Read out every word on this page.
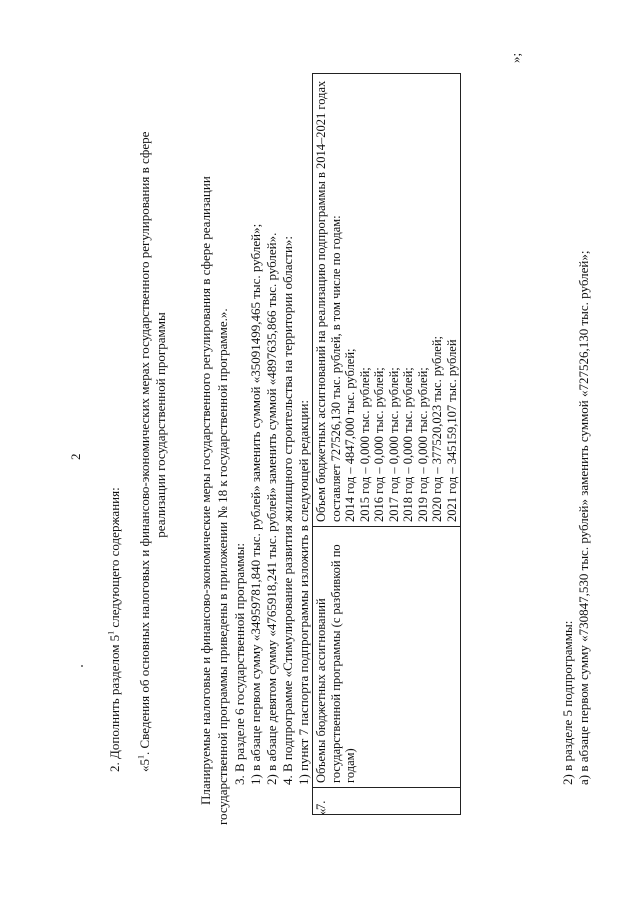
2
2. Дополнить разделом $5^1$ следующего содержания:
«$5^1$. Сведения об основных налоговых и финансово-экономических мерах государственного регулирования в сфере реализации государственной программы Планируемые налоговые и финансово-экономические меры государственного регулирования в сфере реализации государственной программы приведены в приложении № 18 к государственной программе.». 3. В разделе 6 государственной программы: 1) в абзаце первом сумму «34959781,840 тыс. рублей» заменить суммой «35091499,465 тыс. рублей»; 2) в абзаце девятом сумму «4765918,241 тыс. рублей» заменить суммой «4897635,866 тыс. рублей». 4. В подпрограмме «Стимулирование развития жилищного строительства на территории области»: 1) пункт 7 паспорта подпрограммы изложить в следующей редакции:
«
7.	Объемы бюджетных ассигнований государственной программы (с разбивкой по годам)	
Объем бюджетных ассигнований на реализацию подпрограммы в 2014–2021 годах составляет 727526,130 тыс. рублей, в том числе по годам: 2014 год – 4847,000 тыс. рублей; 2015 год – 0,000 тыс. рублей; 2016 год – 0,000 тыс. рублей; 2017 год – 0,000 тыс. рублей; 2018 год – 0,000 тыс. рублей; 2019 год – 0,000 тыс. рублей; 2020 год – 377520,023 тыс. рублей; 2021 год – 345159,107 тыс. рублей
»;
2) в разделе 5 подпрограммы: а) в абзаце первом сумму «730847,530 тыс. рублей» заменить суммой «727526,130 тыс. рублей»;
